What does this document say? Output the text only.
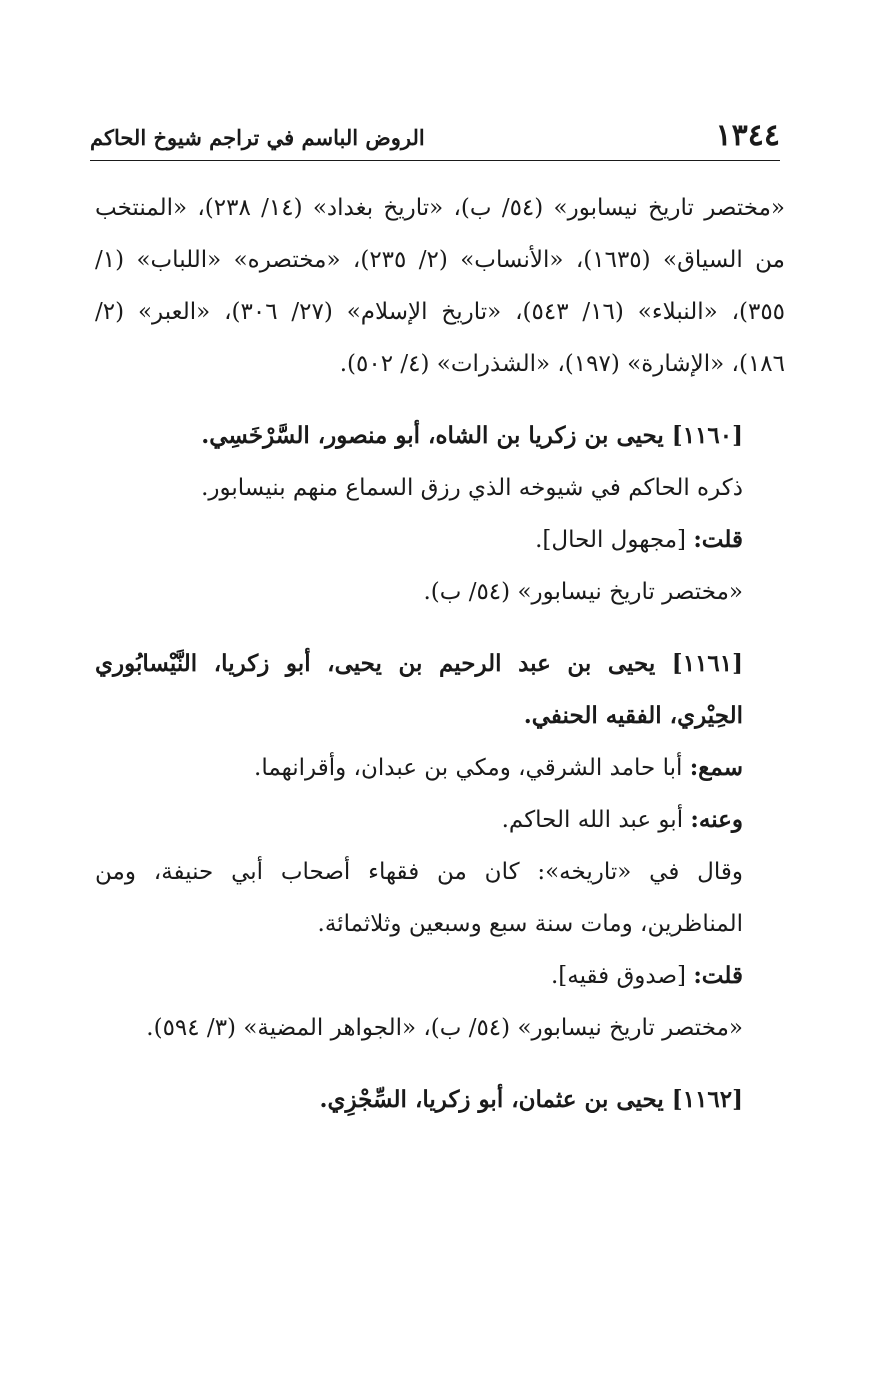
١٣٤٤
الروض الباسم في تراجم شيوخ الحاكم

«مختصر تاريخ نيسابور» (٥٤/ ب)، «تاريخ بغداد» (١٤/ ٢٣٨)، «المنتخب من السياق» (١٦٣٥)، «الأنساب» (٢/ ٢٣٥)، «مختصره» «اللباب» (١/ ٣٥٥)، «النبلاء» (١٦/ ٥٤٣)، «تاريخ الإسلام» (٢٧/ ٣٠٦)، «العبر» (٢/ ١٨٦)، «الإشارة» (١٩٧)، «الشذرات» (٤/ ٥٠٢).

[١١٦٠] يحيى بن زكريا بن الشاه، أبو منصور، السَّرْخَسِي.

ذكره الحاكم في شيوخه الذي رزق السماع منهم بنيسابور.

قلت: [مجهول الحال].

«مختصر تاريخ نيسابور» (٥٤/ ب).

[١١٦١] يحيى بن عبد الرحيم بن يحيى، أبو زكريا، النَّيْسابُوري الحِيْري، الفقيه الحنفي.

سمع: أبا حامد الشرقي، ومكي بن عبدان، وأقرانهما.

وعنه: أبو عبد الله الحاكم.

وقال في «تاريخه»: كان من فقهاء أصحاب أبي حنيفة، ومن المناظرين، ومات سنة سبع وسبعين وثلاثمائة.

قلت: [صدوق فقيه].

«مختصر تاريخ نيسابور» (٥٤/ ب)، «الجواهر المضية» (٣/ ٥٩٤).

[١١٦٢] يحيى بن عثمان، أبو زكريا، السِّجْزِي.
